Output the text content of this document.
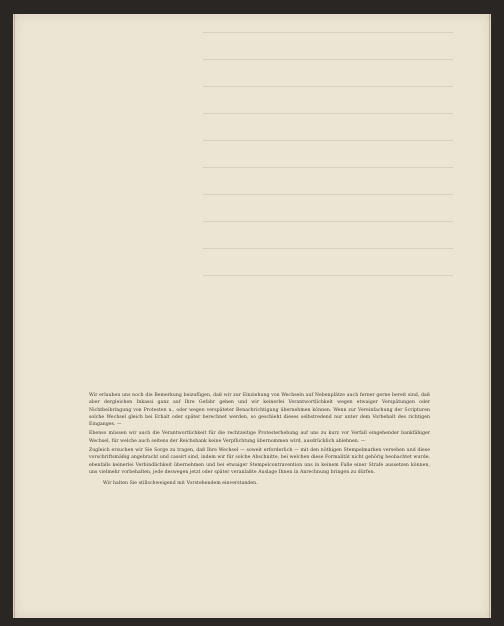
Wir erlauben uns noch die Bemerkung beizufügen, daß wir zur Einziehung von Wechseln auf Nebenplätze auch ferner gerne bereit sind, daß aber dergleichen Inkassi ganz auf Ihre Gefahr gehen und wir keinerlei Verantwortlichkeit wegen etwaiger Verspätungen oder Nichtbeibringung von Protesten u., oder wegen verspäteter Benachrichtigung übernehmen können. Wenn zur Vereinfachung der Scripturen solche Wechsel gleich bei Erhalt oder später berechnet werden, so geschieht dieses selbstredend nur unter dem Vorbehalt des richtigen Einganges. —

Ebenso müssen wir auch die Verantwortlichkeit für die rechtzeitige Protesterhebung auf uns zu kurz vor Verfall eingehender bankfähiger Wechsel, für welche auch seitens der Reichsbank keine Verpflichtung übernommen wird, ausdrücklich ablehnen. —

Zugleich ersuchen wir Sie Sorge zu tragen, daß Ihre Wechsel — soweit erforderlich — mit den nöthigen Stempelmarken versehen und diese vorschriftsmäßig angebracht und cassirt sind, indem wir für solche Abschnitte, bei welchen diese Formalität nicht gehörig beobachtet wurde, ebenfalls keinerlei Verbindlichkeit übernehmen und bei etwaiger Stempelcontravention uns in keinem Falle einer Strafe aussetzen können, uns vielmehr vorbehalten, jede deswegen jetzt oder später veranlaßte Auslage Ihnen in Anrechnung bringen zu dürfen.

Wir halten Sie stillschweigend mit Vorstehendem einverstanden.
